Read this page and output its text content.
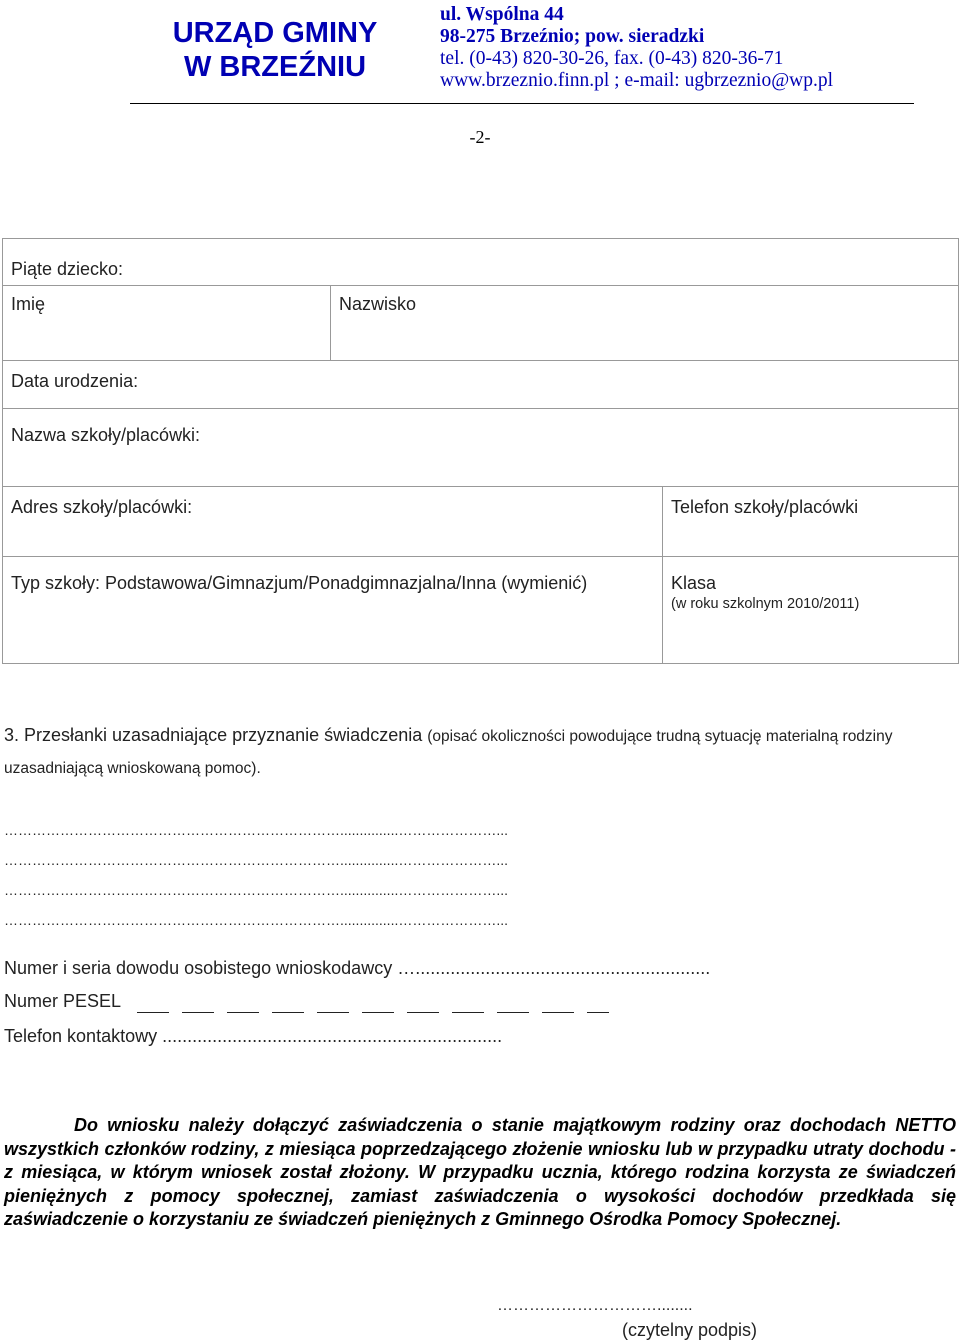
URZĄD GMINY
W BRZEŹNIU
ul. Wspólna 44
98-275 Brzeźnio; pow. sieradzki
tel. (0-43) 820-30-26, fax. (0-43) 820-36-71
www.brzeznio.finn.pl ; e-mail: ugbrzeznio@wp.pl
-2-
Piąte dziecko:		

Imię	Nazwisko	

Data urodzenia:		

Nazwa szkoły/placówki:		

Adres szkoły/placówki:		Telefon szkoły/placówki

Typ szkoły: Podstawowa/Gimnazjum/Ponadgimnazjalna/Inna (wymienić)		Klasa
(w roku szkolnym 2010/2011)
3. Przesłanki uzasadniające przyznanie świadczenia (opisać okoliczności powodujące trudną sytuację materialną rodziny uzasadniającą wnioskowaną pomoc).
………………………………………………………………...............…………………...
………………………………………………………………...............…………………...
………………………………………………………………...............…………………...
………………………………………………………………...............…………………...
Numer i seria dowodu osobistego wnioskodawcy …...........................................................
Numer PESEL
Telefon kontaktowy ....................................................................
Do wniosku należy dołączyć zaświadczenia o stanie majątkowym rodziny oraz dochodach NETTO wszystkich członków rodziny, z miesiąca poprzedzającego złożenie wniosku lub w przypadku utraty dochodu - z miesiąca, w którym wniosek został złożony. W przypadku ucznia, którego rodzina korzysta ze świadczeń pieniężnych z pomocy społecznej, zamiast zaświadczenia o wysokości dochodów przedkłada się zaświadczenie o korzystaniu ze świadczeń pieniężnych z Gminnego Ośrodka Pomocy Społecznej.
…………………………........
(czytelny podpis)
